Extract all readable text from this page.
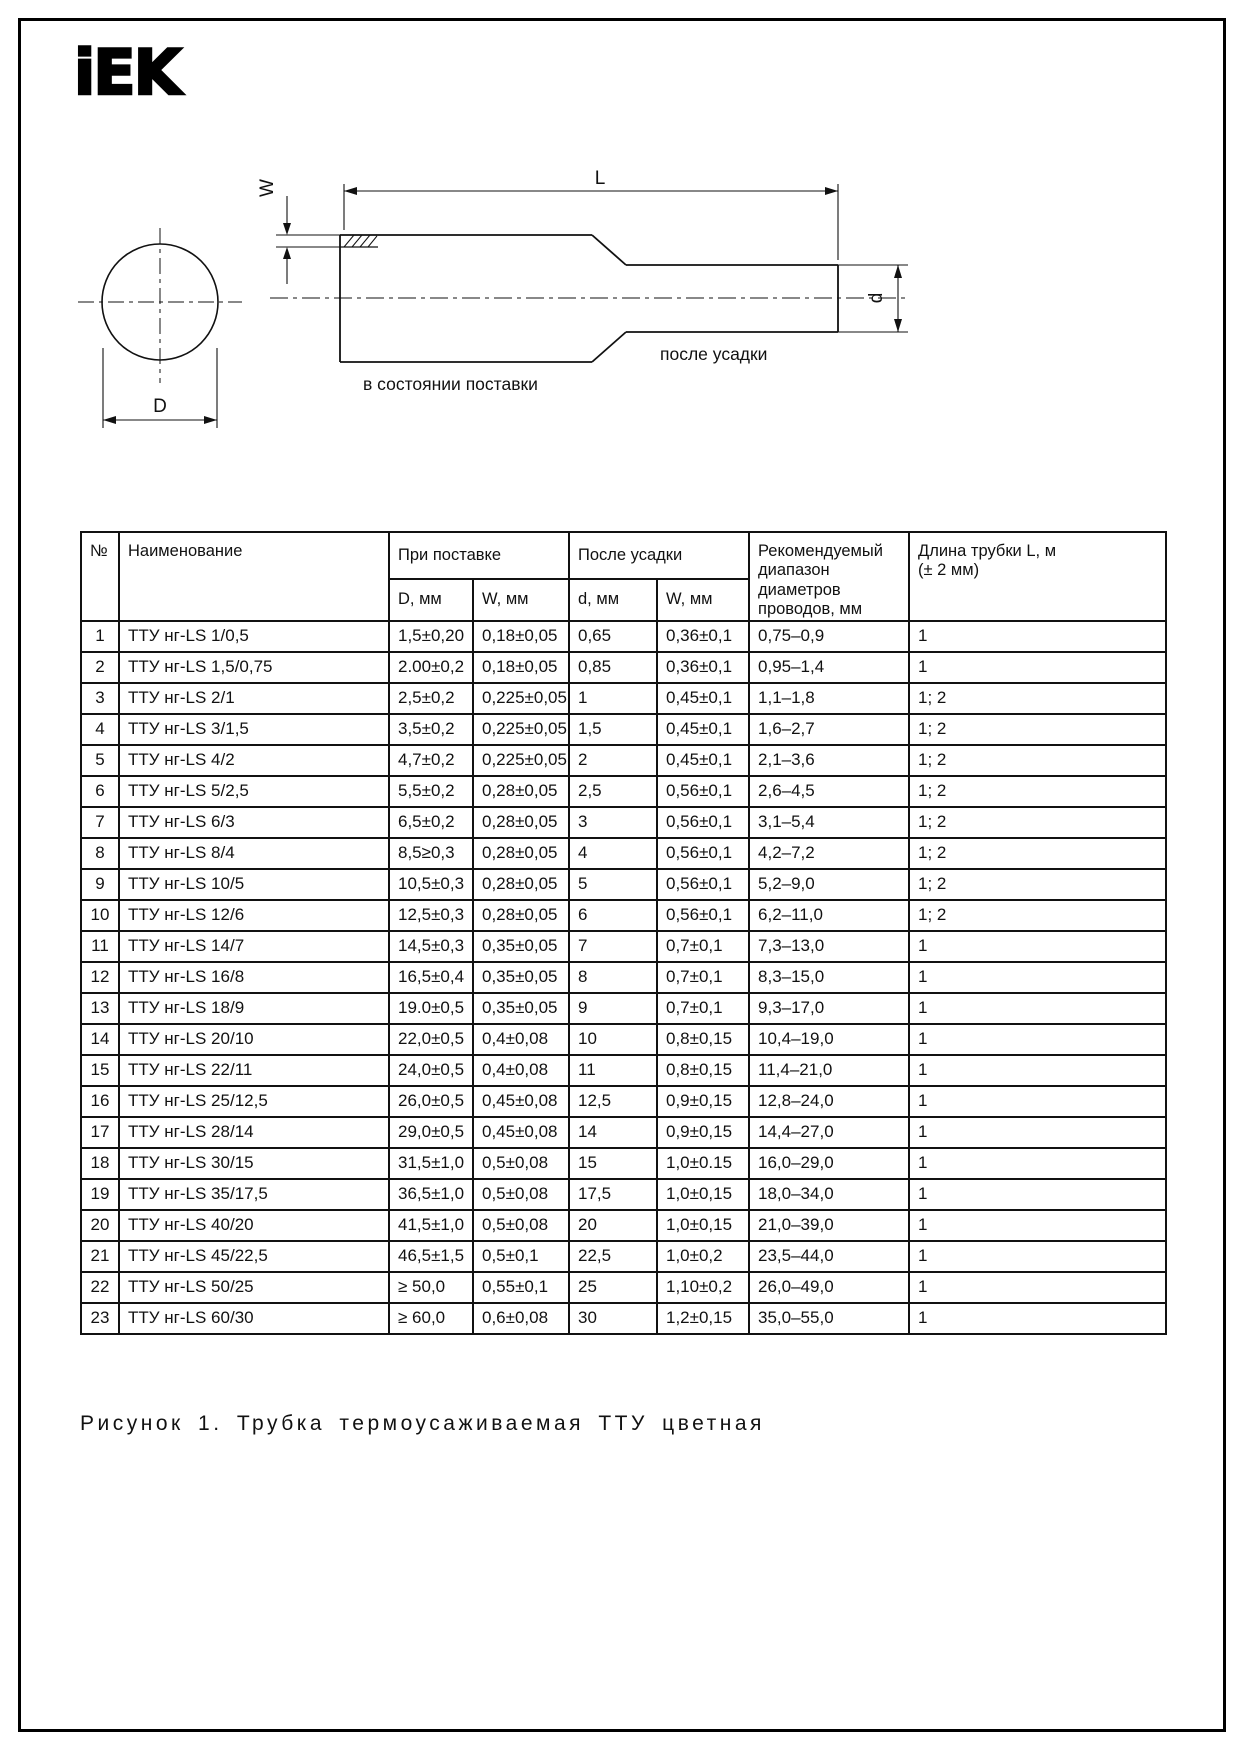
iEK
D
L
W
d
после усадки
в состоянии поставки
№	Наименование	При поставке		После усадки		Рекомендуемый диапазон диаметров проводов, мм	Длина трубки L, м
(± 2 мм)

		D, мм	W, мм	d, мм	W, мм		
1	ТТУ нг-LS 1/0,5	1,5±0,20	0,18±0,05	0,65	0,36±0,1	0,75–0,9	1
2	ТТУ нг-LS 1,5/0,75	2.00±0,2	0,18±0,05	0,85	0,36±0,1	0,95–1,4	1
3	ТТУ нг-LS 2/1	2,5±0,2	0,225±0,05	1	0,45±0,1	1,1–1,8	1; 2
4	ТТУ нг-LS 3/1,5	3,5±0,2	0,225±0,05	1,5	0,45±0,1	1,6–2,7	1; 2
5	ТТУ нг-LS 4/2	4,7±0,2	0,225±0,05	2	0,45±0,1	2,1–3,6	1; 2
6	ТТУ нг-LS 5/2,5	5,5±0,2	0,28±0,05	2,5	0,56±0,1	2,6–4,5	1; 2
7	ТТУ нг-LS 6/3	6,5±0,2	0,28±0,05	3	0,56±0,1	3,1–5,4	1; 2
8	ТТУ нг-LS 8/4	8,5≥0,3	0,28±0,05	4	0,56±0,1	4,2–7,2	1; 2
9	ТТУ нг-LS 10/5	10,5±0,3	0,28±0,05	5	0,56±0,1	5,2–9,0	1; 2
10	ТТУ нг-LS 12/6	12,5±0,3	0,28±0,05	6	0,56±0,1	6,2–11,0	1; 2
11	ТТУ нг-LS 14/7	14,5±0,3	0,35±0,05	7	0,7±0,1	7,3–13,0	1
12	ТТУ нг-LS 16/8	16,5±0,4	0,35±0,05	8	0,7±0,1	8,3–15,0	1
13	ТТУ нг-LS 18/9	19.0±0,5	0,35±0,05	9	0,7±0,1	9,3–17,0	1
14	ТТУ нг-LS 20/10	22,0±0,5	0,4±0,08	10	0,8±0,15	10,4–19,0	1
15	ТТУ нг-LS 22/11	24,0±0,5	0,4±0,08	11	0,8±0,15	11,4–21,0	1
16	ТТУ нг-LS 25/12,5	26,0±0,5	0,45±0,08	12,5	0,9±0,15	12,8–24,0	1
17	ТТУ нг-LS 28/14	29,0±0,5	0,45±0,08	14	0,9±0,15	14,4–27,0	1
18	ТТУ нг-LS 30/15	31,5±1,0	0,5±0,08	15	1,0±0.15	16,0–29,0	1
19	ТТУ нг-LS 35/17,5	36,5±1,0	0,5±0,08	17,5	1,0±0,15	18,0–34,0	1
20	ТТУ нг-LS 40/20	41,5±1,0	0,5±0,08	20	1,0±0,15	21,0–39,0	1
21	ТТУ нг-LS 45/22,5	46,5±1,5	0,5±0,1	22,5	1,0±0,2	23,5–44,0	1
22	ТТУ нг-LS 50/25	≥ 50,0	0,55±0,1	25	1,10±0,2	26,0–49,0	1
23	ТТУ нг-LS 60/30	≥ 60,0	0,6±0,08	30	1,2±0,15	35,0–55,0	1
Рисунок 1. Трубка термоусаживаемая ТТУ цветная
